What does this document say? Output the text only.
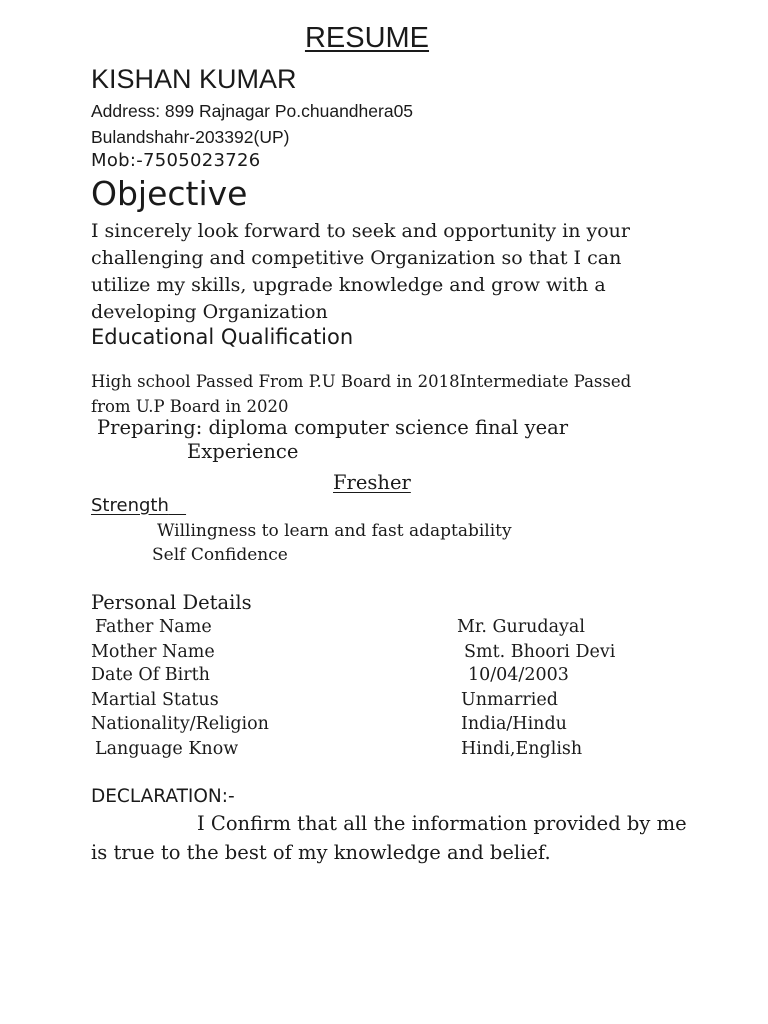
RESUME
KISHAN KUMAR
Address: 899 Rajnagar Po.chuandhera05
Bulandshahr-203392(UP)
Mob:-7505023726
Objective
I sincerely look forward to seek and opportunity in your challenging and competitive Organization so that I can utilize my skills, upgrade knowledge and grow with a developing Organization
Educational Qualification
High school Passed From P.U Board in 2018Intermediate Passed from U.P Board in 2020
Preparing: diploma computer science final year
Experience
Fresher
Strength
Willingness to learn and fast adaptability
Self Confidence
Personal Details
Father Name	Mr. Gurudayal
Mother Name	Smt. Bhoori Devi
Date Of Birth	10/04/2003
Martial Status	Unmarried
Nationality/Religion	India/Hindu
Language Know	Hindi,English
DECLARATION:-
I Confirm that all the information provided by me
is true to the best of my knowledge and belief.
